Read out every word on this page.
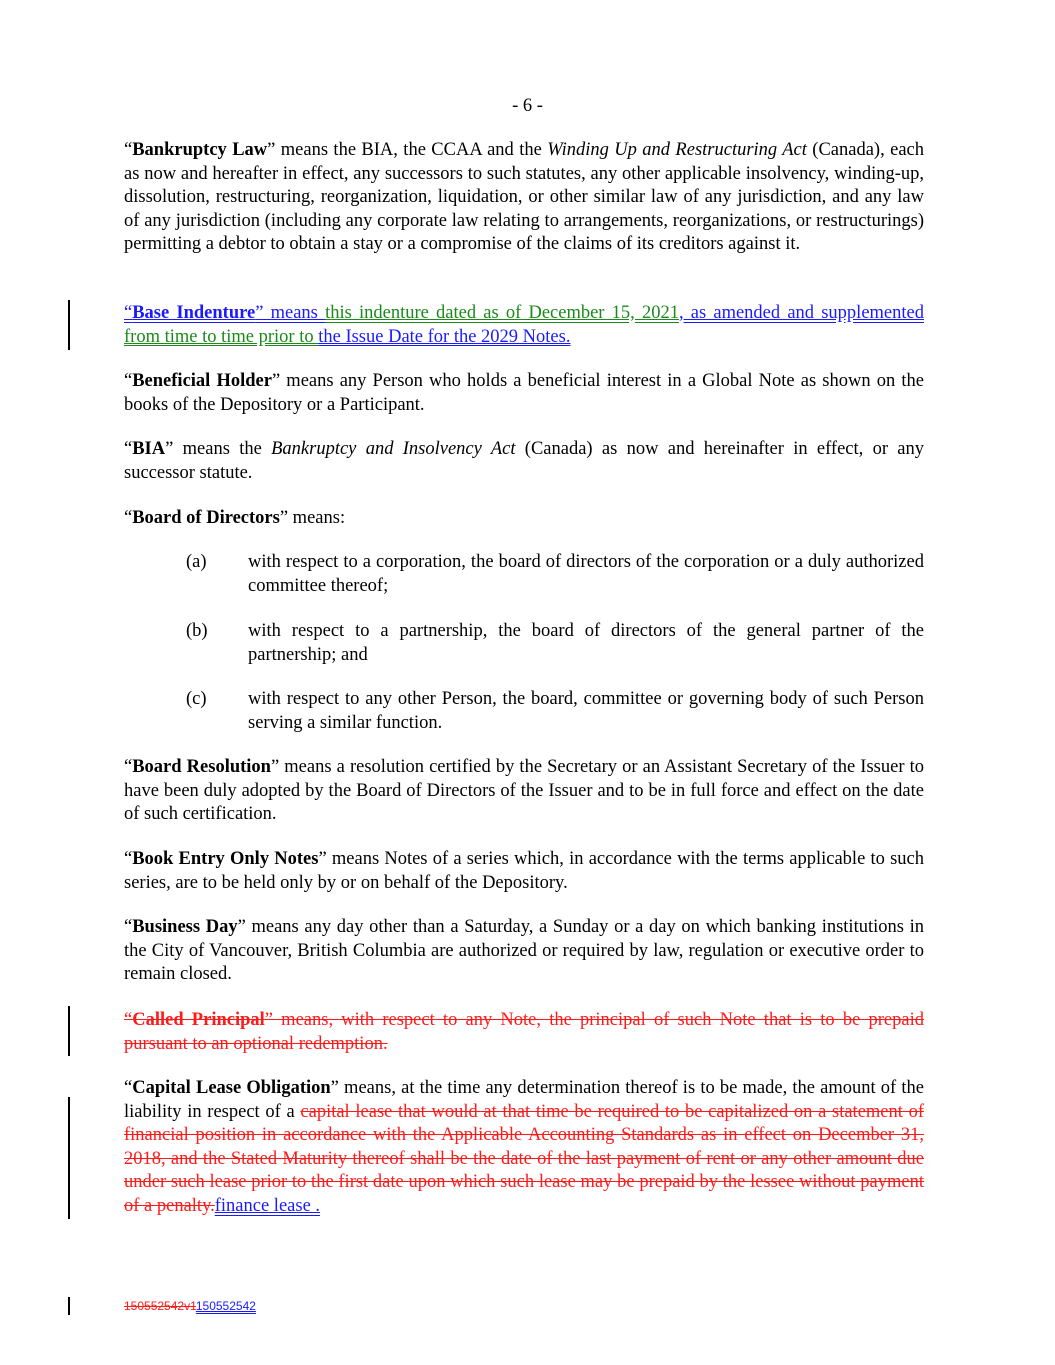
- 6 -

“Bankruptcy Law” means the BIA, the CCAA and the Winding Up and Restructuring Act (Canada), each as now and hereafter in effect, any successors to such statutes, any other applicable insolvency, winding-up, dissolution, restructuring, reorganization, liquidation, or other similar law of any jurisdiction, and any law of any jurisdiction (including any corporate law relating to arrangements, reorganizations, or restructurings) permitting a debtor to obtain a stay or a compromise of the claims of its creditors against it.

“Base Indenture” means this indenture dated as of December 15, 2021, as amended and supplemented from time to time prior to the Issue Date for the 2029 Notes.

“Beneficial Holder” means any Person who holds a beneficial interest in a Global Note as shown on the books of the Depository or a Participant.

“BIA” means the Bankruptcy and Insolvency Act (Canada) as now and hereinafter in effect, or any successor statute.

“Board of Directors” means:

(a) with respect to a corporation, the board of directors of the corporation or a duly authorized committee thereof;
(b) with respect to a partnership, the board of directors of the general partner of the partnership; and
(c) with respect to any other Person, the board, committee or governing body of such Person serving a similar function.

“Board Resolution” means a resolution certified by the Secretary or an Assistant Secretary of the Issuer to have been duly adopted by the Board of Directors of the Issuer and to be in full force and effect on the date of such certification.

“Book Entry Only Notes” means Notes of a series which, in accordance with the terms applicable to such series, are to be held only by or on behalf of the Depository.

“Business Day” means any day other than a Saturday, a Sunday or a day on which banking institutions in the City of Vancouver, British Columbia are authorized or required by law, regulation or executive order to remain closed.

“Called Principal” means, with respect to any Note, the principal of such Note that is to be prepaid pursuant to an optional redemption.

“Capital Lease Obligation” means, at the time any determination thereof is to be made, the amount of the liability in respect of a capital lease that would at that time be required to be capitalized on a statement of financial position in accordance with the Applicable Accounting Standards as in effect on December 31, 2018, and the Stated Maturity thereof shall be the date of the last payment of rent or any other amount due under such lease prior to the first date upon which such lease may be prepaid by the lessee without payment of a penalty.finance lease .

150552542v1150552542
